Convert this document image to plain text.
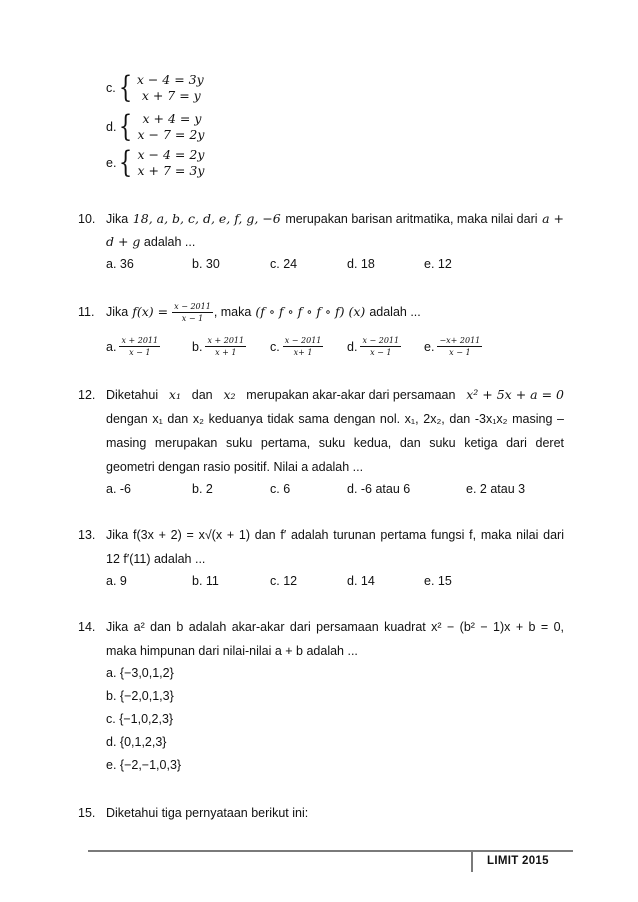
c. { x − 4 = 3y
x + 7 = y
d. { x + 4 = y
x − 7 = 2y
e. { x − 4 = 2y
x + 7 = 3y
10. Jika 18, a, b, c, d, e, f, g, −6 merupakan barisan aritmatika, maka nilai dari a +
d + g adalah ...
a. 36	b. 30	c. 24	d. 18	e. 12
11. Jika $f(x) = \frac{x - 2011}{x - 1}$ , maka (f ∘ f ∘ f ∘ f ∘ f) (x) adalah ...
a. $\frac{x + 2011}{x - 1}$	b. $\frac{x + 2011}{x + 1} c$. $\frac{x - 2011}{x+ 1} d$. $\frac{x - 2011}{x - 1} e$. $\frac{-x+ 2011}{x - 1}$
12. Diketahui x₁ dan x₂ merupakan akar-akar dari persamaan x² + 5x + a = 0
dengan x₁ dan x₂ keduanya tidak sama dengan nol. x₁, 2x₂, dan -3x₁x₂ masing –
masing merupakan suku pertama, suku kedua, dan suku ketiga dari deret
geometri dengan rasio positif. Nilai a adalah ...
a. -6	b. 2	c. 6	d. -6 atau 6	e. 2 atau 3
13. Jika f(3x + 2) = x√(x + 1) dan f′ adalah turunan pertama fungsi f, maka nilai dari
12 f′(11) adalah ...
a. 9	b. 11	c. 12	d. 14	e. 15
14. Jika a² dan b adalah akar-akar dari persamaan kuadrat x² − (b² − 1)x + b = 0,
maka himpunan dari nilai-nilai a + b adalah ...
a. {−3,0,1,2}
b. {−2,0,1,3}
c. {−1,0,2,3}
d. {0,1,2,3}
e. {−2,−1,0,3}
15. Diketahui tiga pernyataan berikut ini:
LIMIT 2015
